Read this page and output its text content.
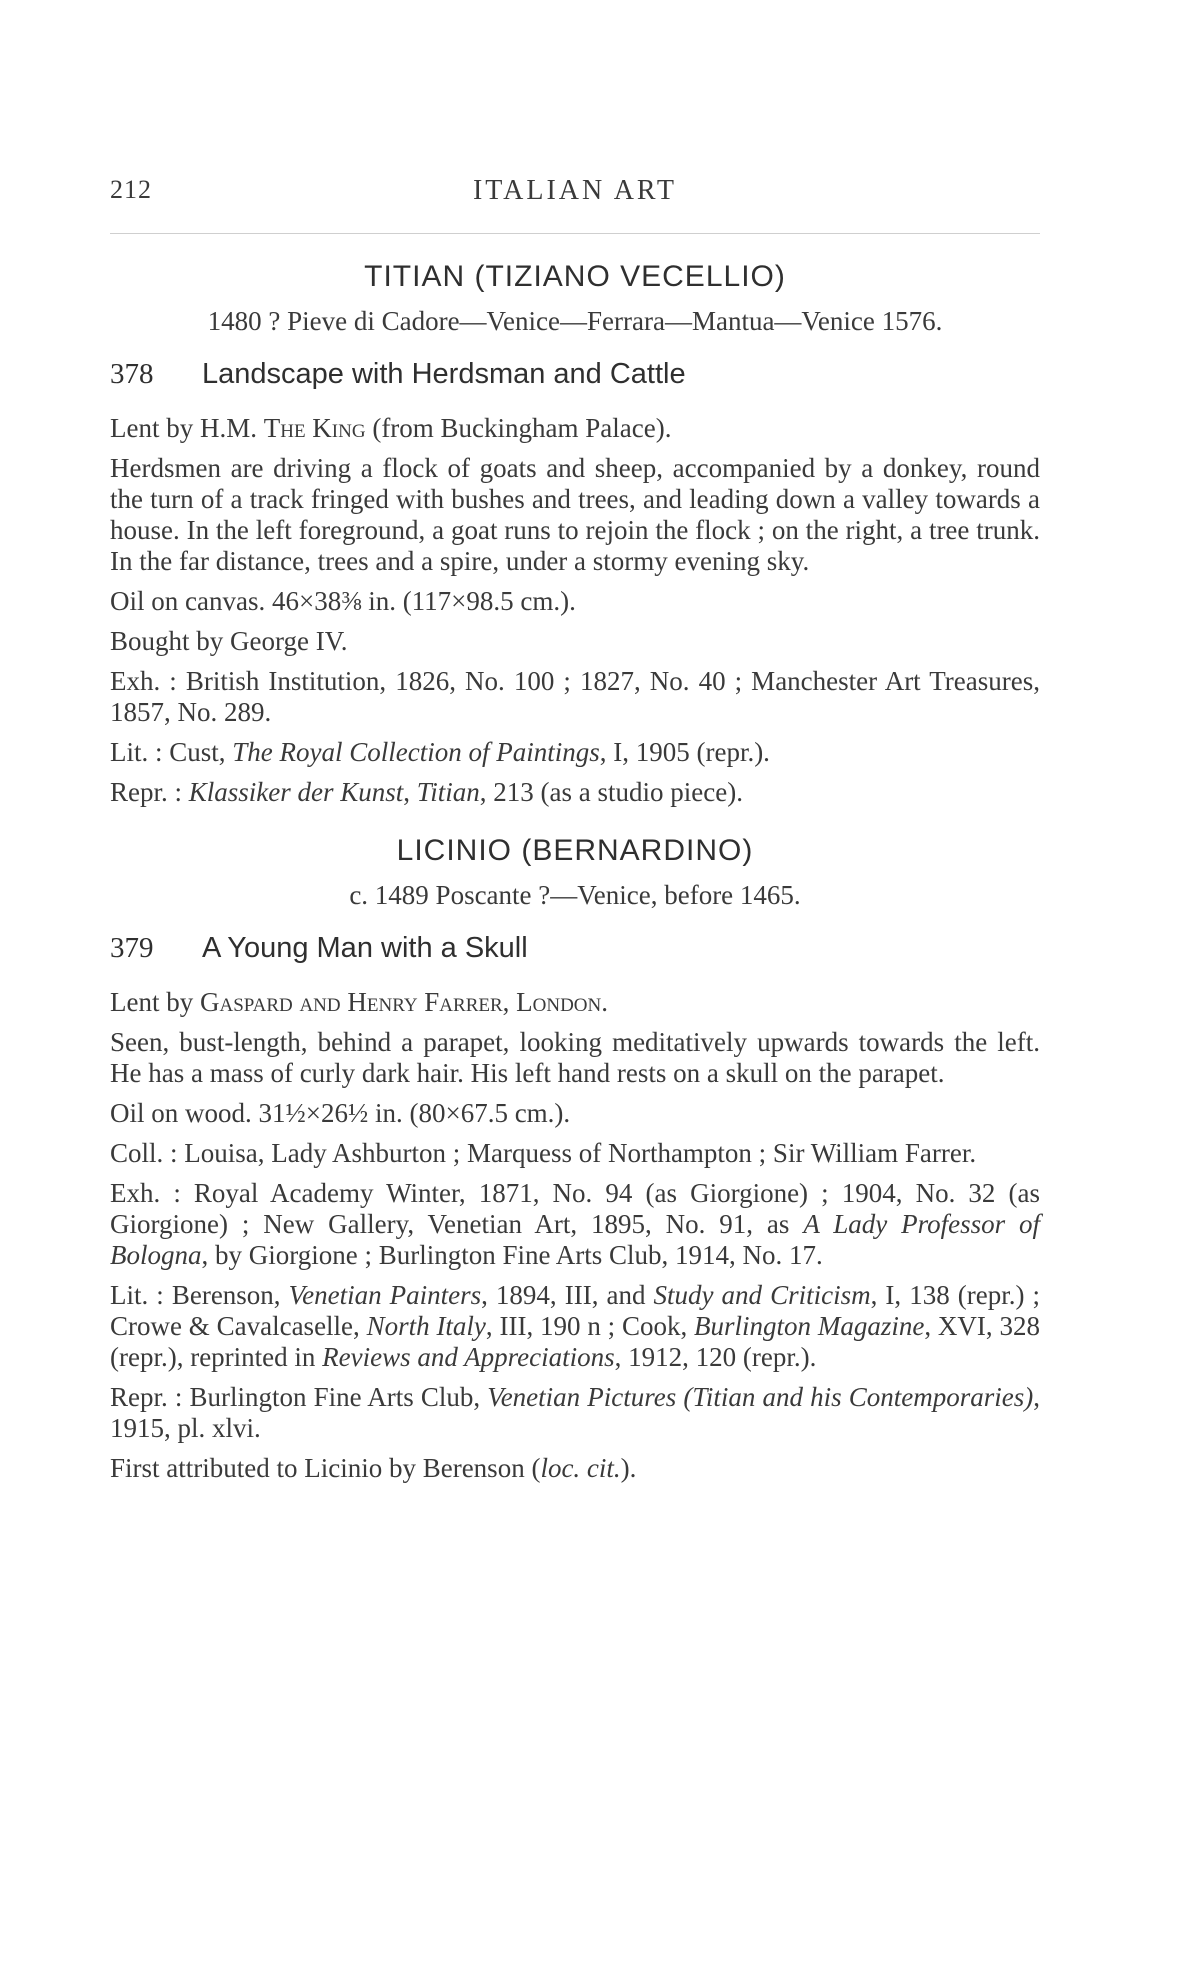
212	ITALIAN ART
TITIAN (TIZIANO VECELLIO)
1480 ? Pieve di Cadore—Venice—Ferrara—Mantua—Venice 1576.
378 Landscape with Herdsman and Cattle

Lent by H.M. The King (from Buckingham Palace).

Herdsmen are driving a flock of goats and sheep, accompanied by a donkey, round the turn of a track fringed with bushes and trees, and leading down a valley towards a house. In the left foreground, a goat runs to rejoin the flock ; on the right, a tree trunk. In the far distance, trees and a spire, under a stormy evening sky.

Oil on canvas. 46×38⅜ in. (117×98.5 cm.).

Bought by George IV.

Exh. : British Institution, 1826, No. 100 ; 1827, No. 40 ; Manchester Art Treasures, 1857, No. 289.

Lit. : Cust, The Royal Collection of Paintings, I, 1905 (repr.).

Repr. : Klassiker der Kunst, Titian, 213 (as a studio piece).

LICINIO (BERNARDINO)
c. 1489 Poscante ?—Venice, before 1465.
379 A Young Man with a Skull

Lent by Gaspard and Henry Farrer, London.

Seen, bust-length, behind a parapet, looking meditatively upwards towards the left. He has a mass of curly dark hair. His left hand rests on a skull on the parapet.

Oil on wood. 31½×26½ in. (80×67.5 cm.).

Coll. : Louisa, Lady Ashburton ; Marquess of Northampton ; Sir William Farrer.

Exh. : Royal Academy Winter, 1871, No. 94 (as Giorgione) ; 1904, No. 32 (as Giorgione) ; New Gallery, Venetian Art, 1895, No. 91, as A Lady Professor of Bologna, by Giorgione ; Burlington Fine Arts Club, 1914, No. 17.

Lit. : Berenson, Venetian Painters, 1894, III, and Study and Criticism, I, 138 (repr.) ; Crowe & Cavalcaselle, North Italy, III, 190 n ; Cook, Burlington Magazine, XVI, 328 (repr.), reprinted in Reviews and Appreciations, 1912, 120 (repr.).

Repr. : Burlington Fine Arts Club, Venetian Pictures (Titian and his Contemporaries), 1915, pl. xlvi.

First attributed to Licinio by Berenson (loc. cit.).
